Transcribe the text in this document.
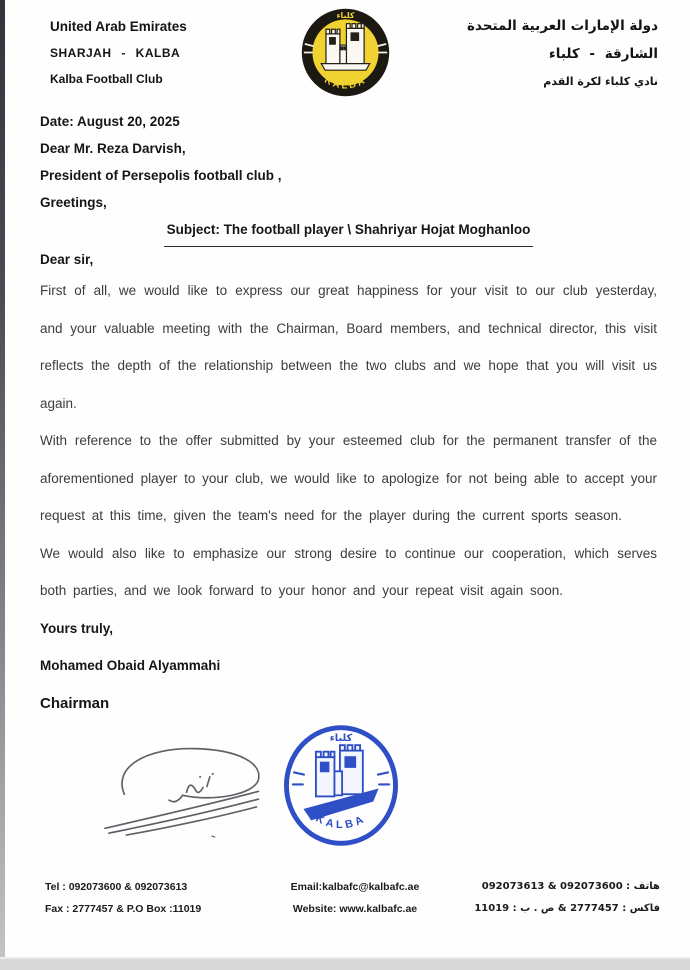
United Arab Emirates
SHARJAH - KALBA
Kalba Football Club	KALBA
كلباء
دولة الإمارات العربية المتحدة
الشارقة - كلباء
نادي كلباء لكرة القدم
Date: August 20, 2025
Dear Mr. Reza Darvish,
President of Persepolis football club ,
Greetings,
Subject: The football player \ Shahriyar Hojat Moghanloo
Dear sir,

First of all, we would like to express our great happiness for your visit to our club yesterday, and your valuable meeting with the Chairman, Board members, and technical director, this visit reflects the depth of the relationship between the two clubs and we hope that you will visit us again.

With reference to the offer submitted by your esteemed club for the permanent transfer of the aforementioned player to your club, we would like to apologize for not being able to accept your request at this time, given the team's need for the player during the current sports season.

We would also like to emphasize our strong desire to continue our cooperation, which serves both parties, and we look forward to your honor and your repeat visit again soon.

Yours truly,
Mohamed Obaid Alyammahi
Chairman
KALBA
كلباء
Tel : 092073600 & 092073613
Fax : 2777457 & P.O Box :11019
Email:kalbafc@kalbafc.ae
Website: www.kalbafc.ae
هاتف : 092073600 & 092073613
فاكس : 2777457 & ص . ب : 11019
